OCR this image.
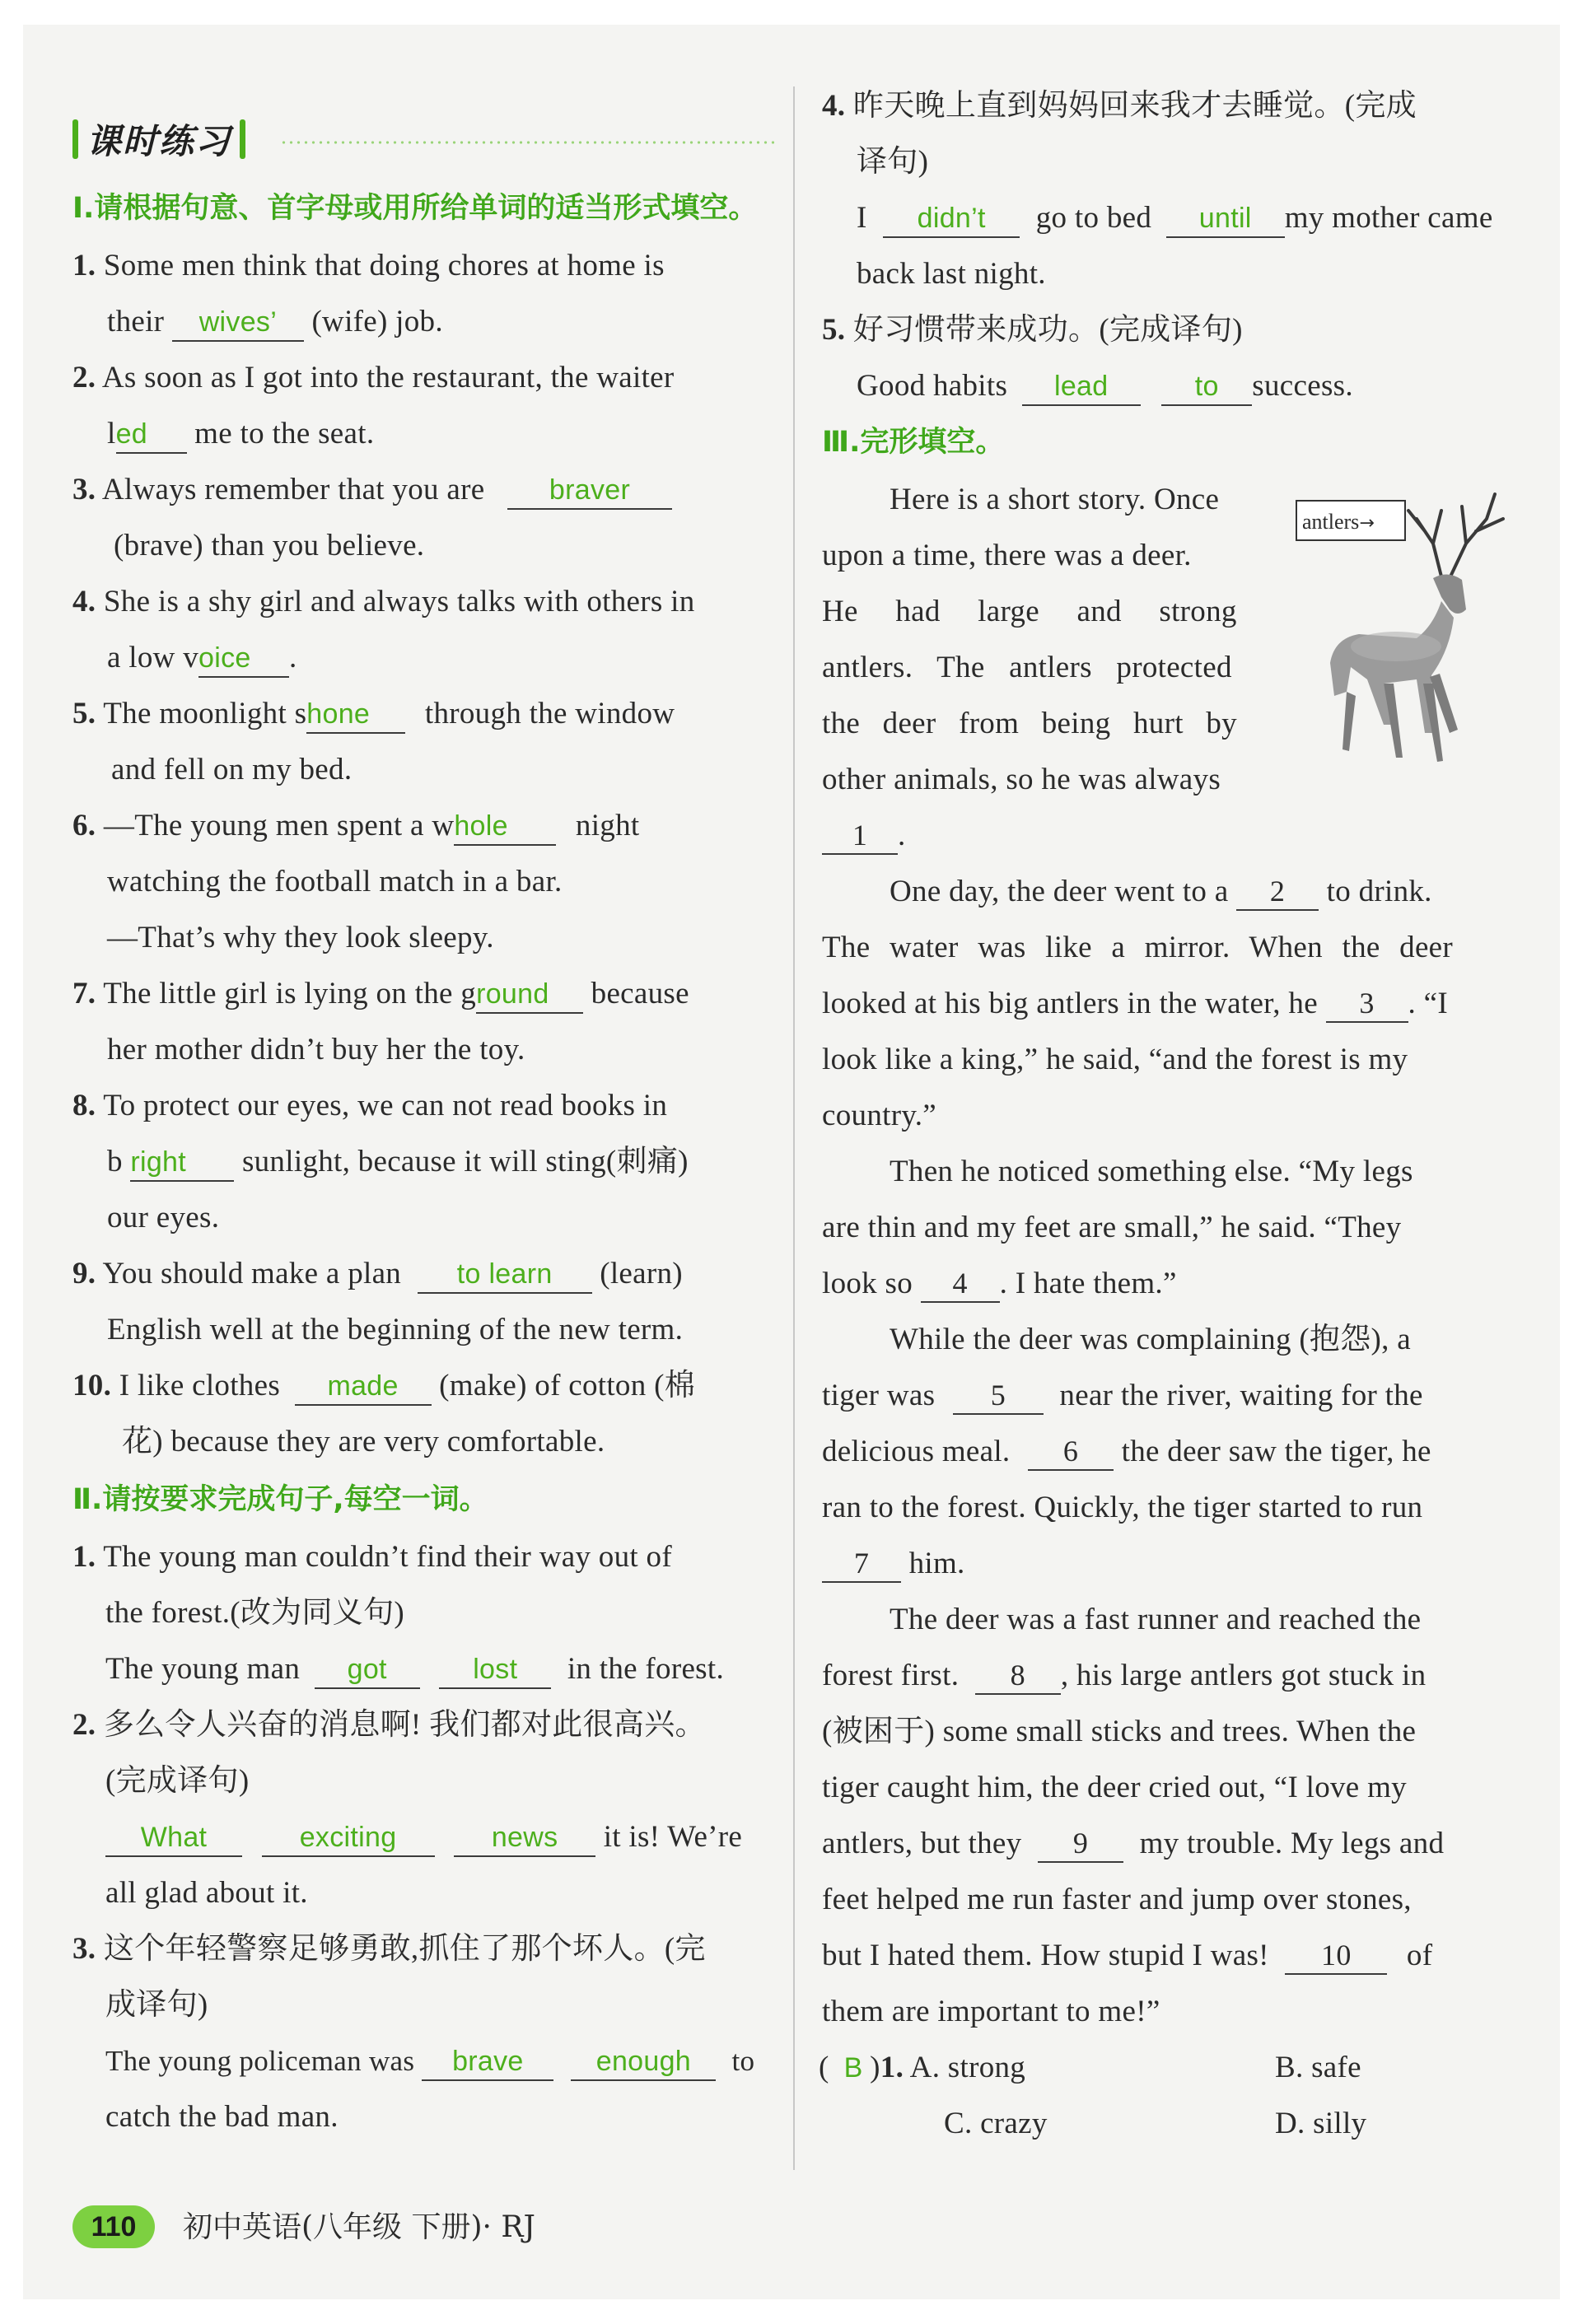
课时练习
Ⅰ.请根据句意、首字母或用所给单词的适当形式填空。
1. Some men think that doing chores at home is
their wives’ (wife) job.
2. As soon as I got into the restaurant, the waiter
led me to the seat.
3. Always remember that you are braver
(brave) than you believe.
4. She is a shy girl and always talks with others in
a low voice .
5. The moonlight shone through the window
and fell on my bed.
6. —The young men spent a whole night
watching the football match in a bar.
—That’s why they look sleepy.
7. The little girl is lying on the ground because
her mother didn’t buy her the toy.
8. To protect our eyes, we can not read books in
b right sunlight, because it will sting(刺痛)
our eyes.
9. You should make a plan to learn (learn)
English well at the beginning of the new term.
10. I like clothes made (make) of cotton (棉
花) because they are very comfortable.
Ⅱ.请按要求完成句子,每空一词。
1. The young man couldn’t find their way out of
the forest.(改为同义句)
The young man got	lost in the forest.
2. 多么令人兴奋的消息啊! 我们都对此很高兴。
(完成译句)
What	exciting	news it is! We’re
all glad about it.
3. 这个年轻警察足够勇敢,抓住了那个坏人。(完
成译句)
The young policeman was brave	enough to
catch the bad man.
4. 昨天晚上直到妈妈回来我才去睡觉。(完成
译句)
I didn’t go to bed until my mother came
back last night.
5. 好习惯带来成功。(完成译句)
Good habits lead	to success.
Ⅲ.完形填空。
Here is a short story. Once
upon a time, there was a deer.
He had large and strong
antlers. The antlers protected
the deer from being hurt by
other animals, so he was always
1 .
antlers→
One day, the deer went to a 2 to drink.
The water was like a mirror. When the deer
looked at his big antlers in the water, he 3 . “I
look like a king,” he said, “and the forest is my
country.”
Then he noticed something else. “My legs
are thin and my feet are small,” he said. “They
look so 4 . I hate them.”
While the deer was complaining (抱怨), a
tiger was 5 near the river, waiting for the
delicious meal. 6 the deer saw the tiger, he
ran to the forest. Quickly, the tiger started to run
7 him.
The deer was a fast runner and reached the
forest first. 8 , his large antlers got stuck in
(被困于) some small sticks and trees. When the
tiger caught him, the deer cried out, “I love my
antlers, but they 9 my trouble. My legs and
feet helped me run faster and jump over stones,
but I hated them. How stupid I was! 10 of
them are important to me!”
( B )1. A. strong	B. safe
C. crazy	D. silly
110	初中英语(八年级 下册)· RJ
